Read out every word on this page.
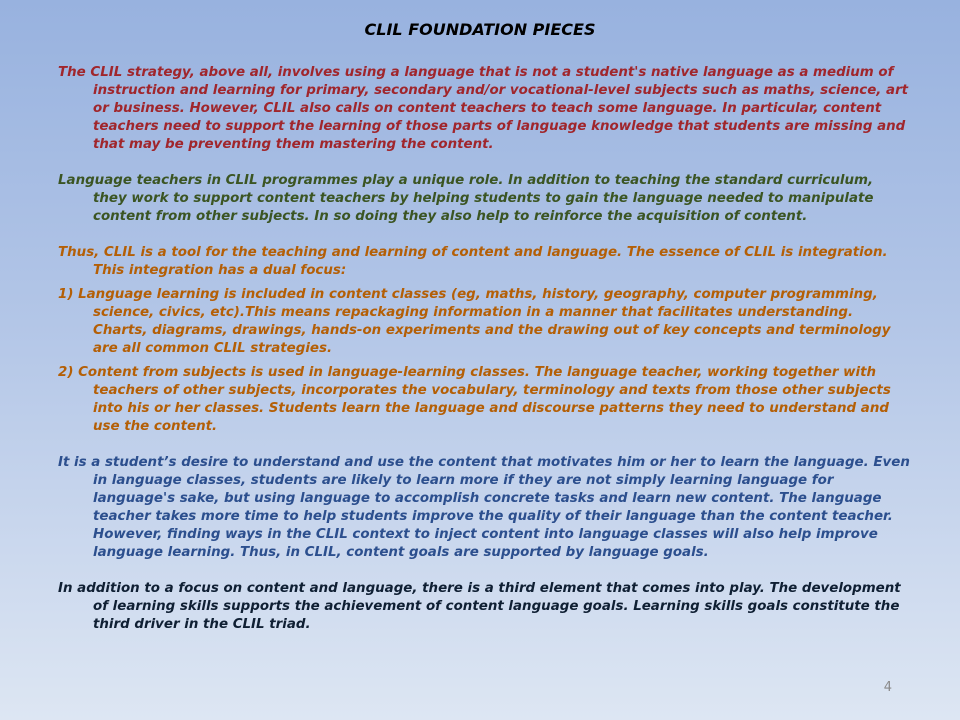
CLIL FOUNDATION PIECES

The CLIL strategy, above all, involves using a language that is not a student's native language as a medium of instruction and learning for primary, secondary and/or vocational-level subjects such as maths, science, art or business. However, CLIL also calls on content teachers to teach some language. In particular, content teachers need to support the learning of those parts of language knowledge that students are missing and that may be preventing them mastering the content.

Language teachers in CLIL programmes play a unique role. In addition to teaching the standard curriculum, they work to support content teachers by helping students to gain the language needed to manipulate content from other subjects. In so doing they also help to reinforce the acquisition of content.

Thus, CLIL is a tool for the teaching and learning of content and language. The essence of CLIL is integration. This integration has a dual focus:

1) Language learning is included in content classes (eg, maths, history, geography, computer programming, science, civics, etc).This means repackaging information in a manner that facilitates understanding. Charts, diagrams, drawings, hands-on experiments and the drawing out of key concepts and terminology are all common CLIL strategies.

2) Content from subjects is used in language-learning classes. The language teacher, working together with teachers of other subjects, incorporates the vocabulary, terminology and texts from those other subjects into his or her classes. Students learn the language and discourse patterns they need to understand and use the content.

It is a student’s desire to understand and use the content that motivates him or her to learn the language. Even in language classes, students are likely to learn more if they are not simply learning language for language's sake, but using language to accomplish concrete tasks and learn new content. The language teacher takes more time to help students improve the quality of their language than the content teacher. However, finding ways in the CLIL context to inject content into language classes will also help improve language learning. Thus, in CLIL, content goals are supported by language goals.

In addition to a focus on content and language, there is a third element that comes into play. The development of learning skills supports the achievement of content language goals. Learning skills goals constitute the third driver in the CLIL triad.

4
